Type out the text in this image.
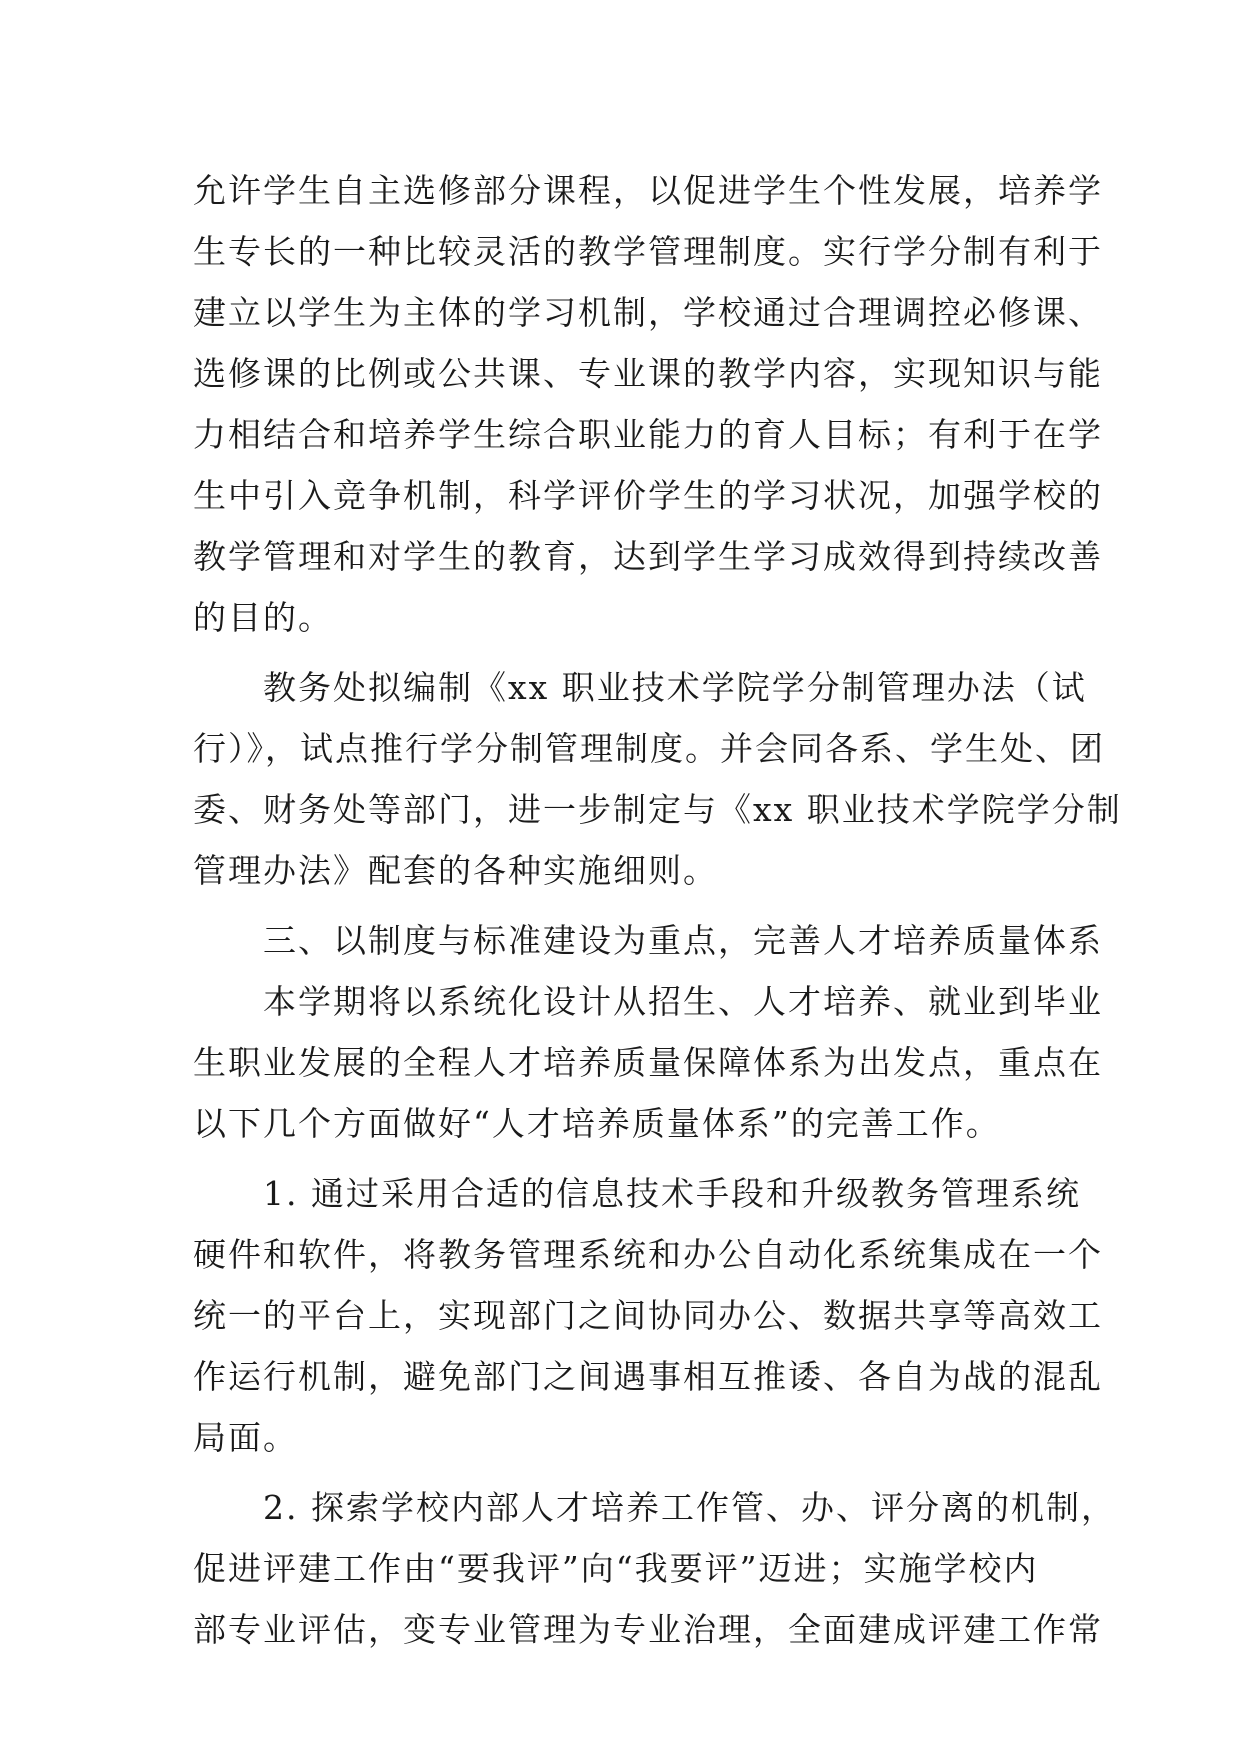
允许学生自主选修部分课程，以促进学生个性发展，培养学
生专长的一种比较灵活的教学管理制度。实行学分制有利于
建立以学生为主体的学习机制，学校通过合理调控必修课、
选修课的比例或公共课、专业课的教学内容，实现知识与能
力相结合和培养学生综合职业能力的育人目标；有利于在学
生中引入竞争机制，科学评价学生的学习状况，加强学校的
教学管理和对学生的教育，达到学生学习成效得到持续改善
的目的。
教务处拟编制《xx 职业技术学院学分制管理办法（试
行）》，试点推行学分制管理制度。并会同各系、学生处、团
委、财务处等部门，进一步制定与《xx 职业技术学院学分制
管理办法》配套的各种实施细则。
三、以制度与标准建设为重点，完善人才培养质量体系
本学期将以系统化设计从招生、人才培养、就业到毕业
生职业发展的全程人才培养质量保障体系为出发点，重点在
以下几个方面做好“人才培养质量体系”的完善工作。
1. 通过采用合适的信息技术手段和升级教务管理系统
硬件和软件，将教务管理系统和办公自动化系统集成在一个
统一的平台上，实现部门之间协同办公、数据共享等高效工
作运行机制，避免部门之间遇事相互推诿、各自为战的混乱
局面。
2. 探索学校内部人才培养工作管、办、评分离的机制，
促进评建工作由“要我评”向“我要评”迈进；实施学校内
部专业评估，变专业管理为专业治理，全面建成评建工作常
